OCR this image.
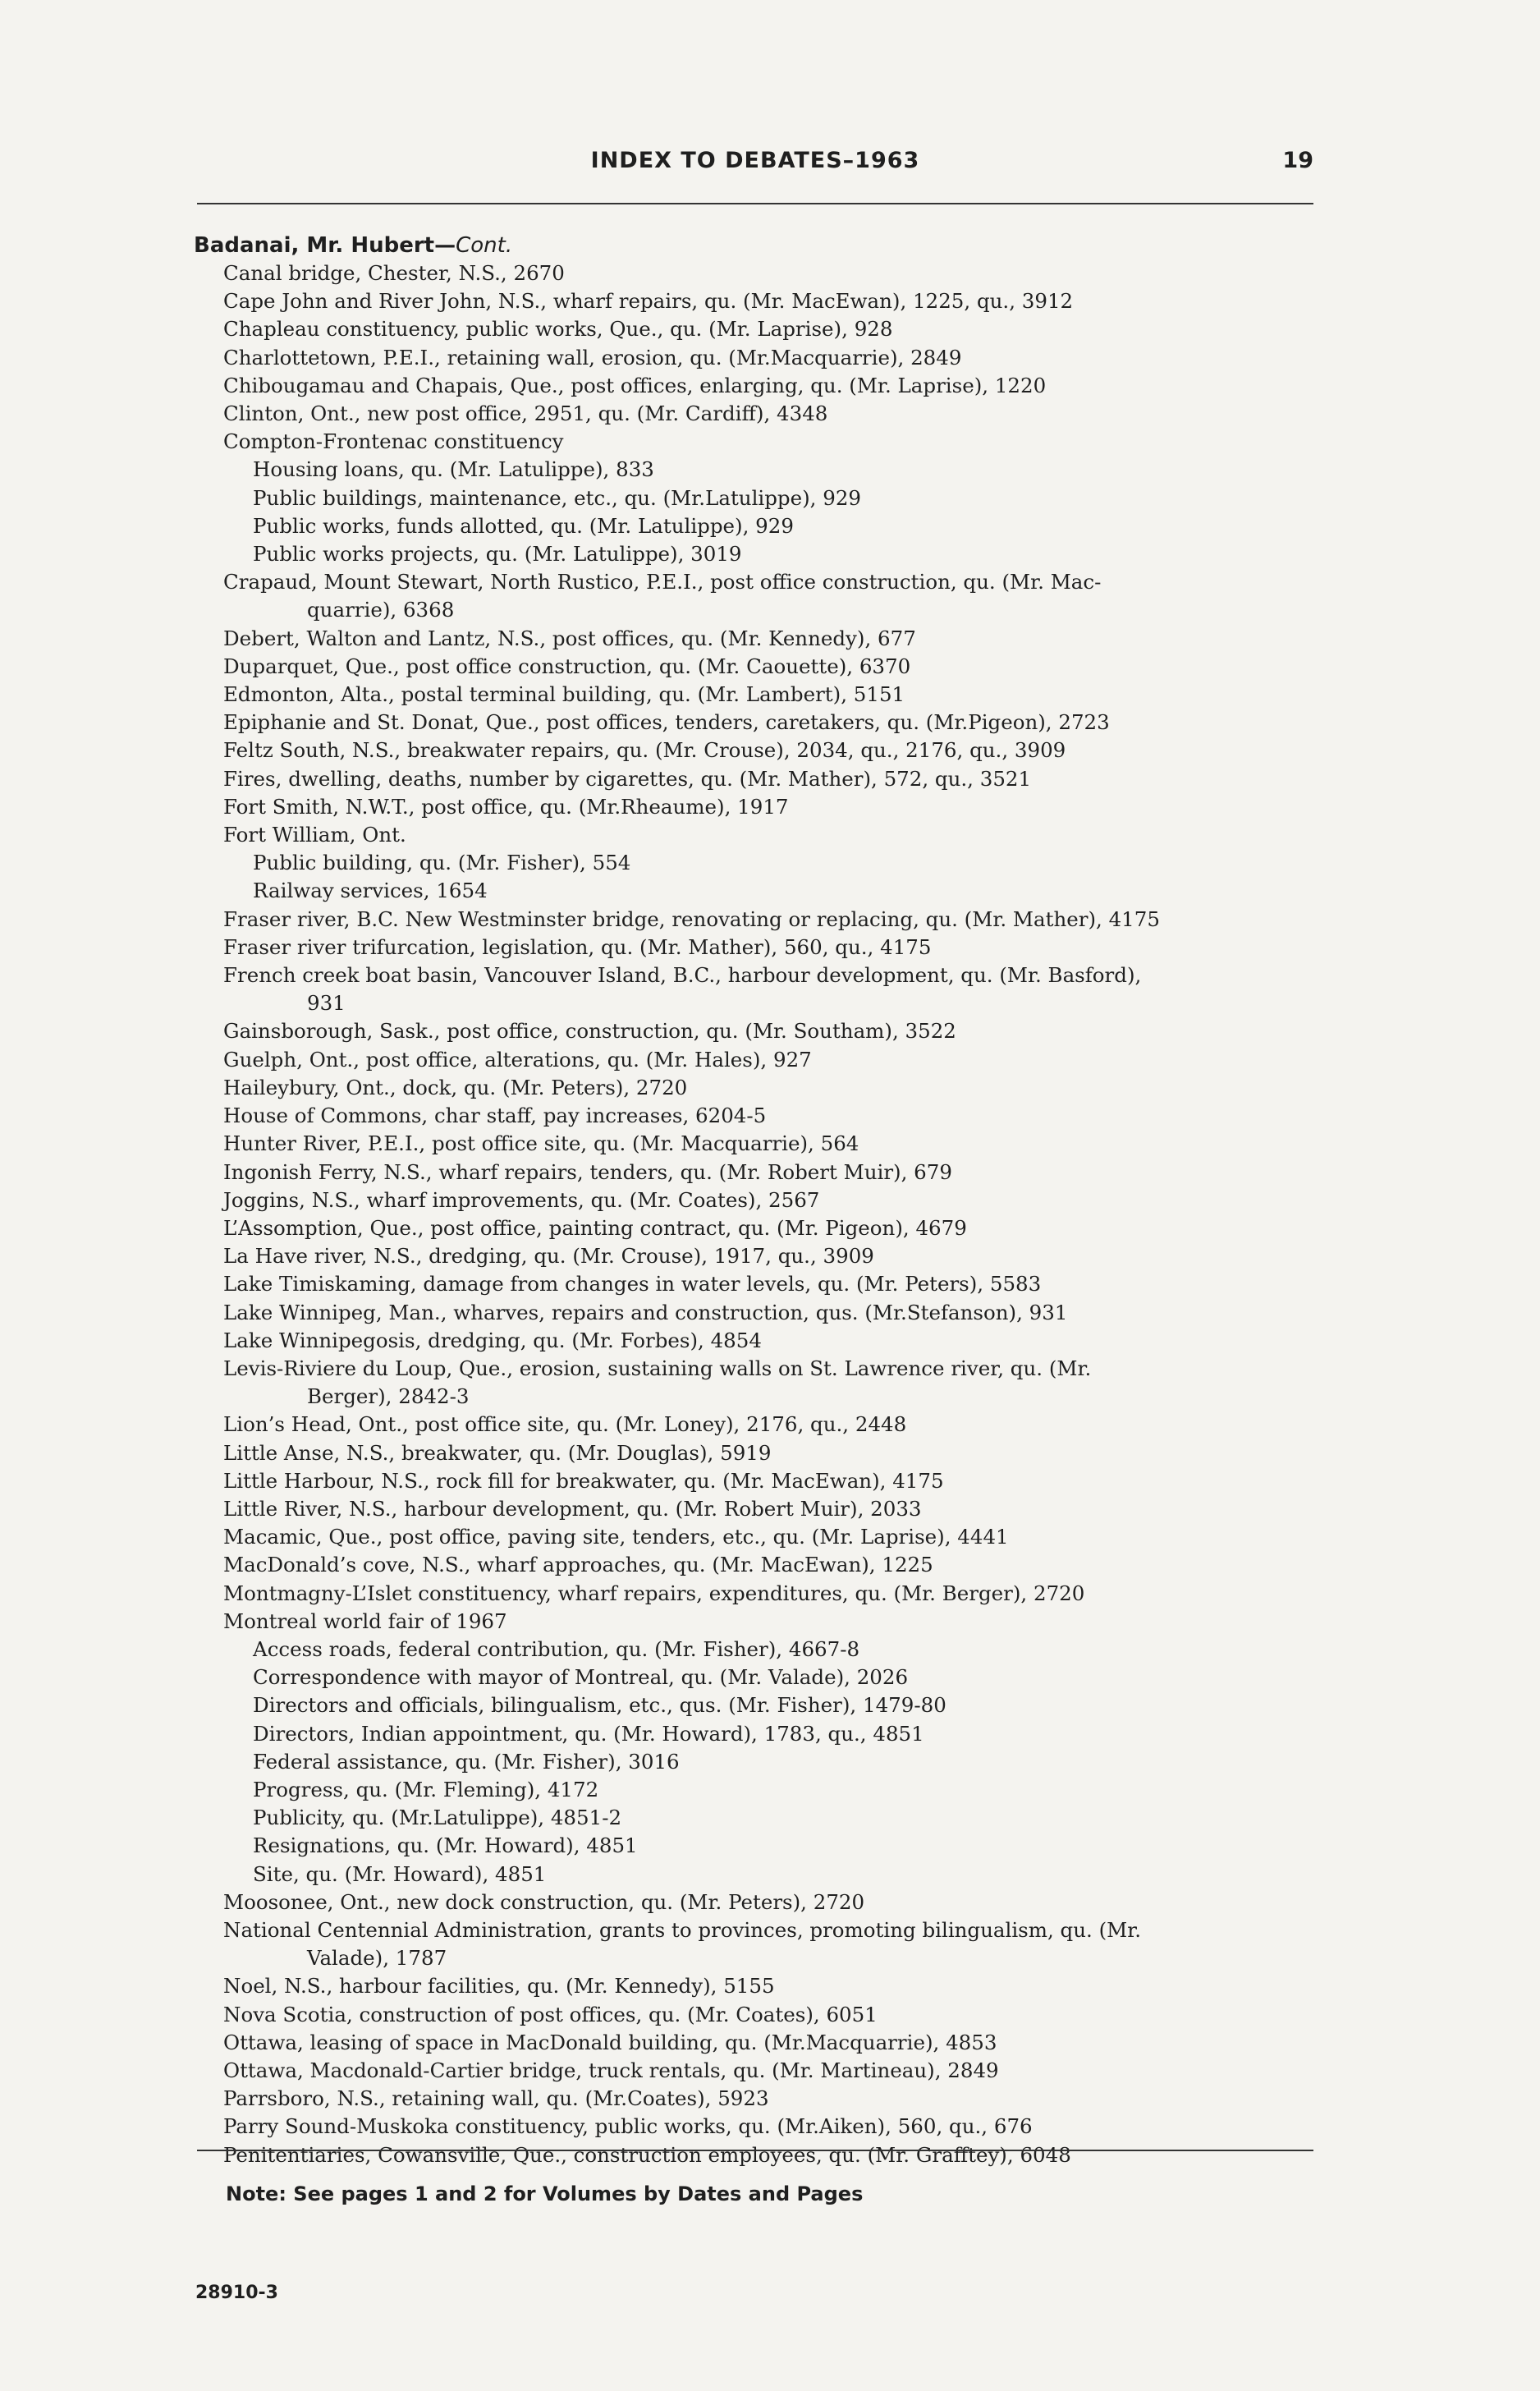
INDEX TO DEBATES–1963	19
Badanai, Mr. Hubert—Cont.
Canal bridge, Chester, N.S., 2670
Cape John and River John, N.S., wharf repairs, qu. (Mr. MacEwan), 1225, qu., 3912
Chapleau constituency, public works, Que., qu. (Mr. Laprise), 928
Charlottetown, P.E.I., retaining wall, erosion, qu. (Mr.Macquarrie), 2849
Chibougamau and Chapais, Que., post offices, enlarging, qu. (Mr. Laprise), 1220
Clinton, Ont., new post office, 2951, qu. (Mr. Cardiff), 4348
Compton-Frontenac constituency
Housing loans, qu. (Mr. Latulippe), 833
Public buildings, maintenance, etc., qu. (Mr.Latulippe), 929
Public works, funds allotted, qu. (Mr. Latulippe), 929
Public works projects, qu. (Mr. Latulippe), 3019
Crapaud, Mount Stewart, North Rustico, P.E.I., post office construction, qu. (Mr. Mac-
quarrie), 6368
Debert, Walton and Lantz, N.S., post offices, qu. (Mr. Kennedy), 677
Duparquet, Que., post office construction, qu. (Mr. Caouette), 6370
Edmonton, Alta., postal terminal building, qu. (Mr. Lambert), 5151
Epiphanie and St. Donat, Que., post offices, tenders, caretakers, qu. (Mr.Pigeon), 2723
Feltz South, N.S., breakwater repairs, qu. (Mr. Crouse), 2034, qu., 2176, qu., 3909
Fires, dwelling, deaths, number by cigarettes, qu. (Mr. Mather), 572, qu., 3521
Fort Smith, N.W.T., post office, qu. (Mr.Rheaume), 1917
Fort William, Ont.
Public building, qu. (Mr. Fisher), 554
Railway services, 1654
Fraser river, B.C. New Westminster bridge, renovating or replacing, qu. (Mr. Mather), 4175
Fraser river trifurcation, legislation, qu. (Mr. Mather), 560, qu., 4175
French creek boat basin, Vancouver Island, B.C., harbour development, qu. (Mr. Basford),
931
Gainsborough, Sask., post office, construction, qu. (Mr. Southam), 3522
Guelph, Ont., post office, alterations, qu. (Mr. Hales), 927
Haileybury, Ont., dock, qu. (Mr. Peters), 2720
House of Commons, char staff, pay increases, 6204-5
Hunter River, P.E.I., post office site, qu. (Mr. Macquarrie), 564
Ingonish Ferry, N.S., wharf repairs, tenders, qu. (Mr. Robert Muir), 679
Joggins, N.S., wharf improvements, qu. (Mr. Coates), 2567
L’Assomption, Que., post office, painting contract, qu. (Mr. Pigeon), 4679
La Have river, N.S., dredging, qu. (Mr. Crouse), 1917, qu., 3909
Lake Timiskaming, damage from changes in water levels, qu. (Mr. Peters), 5583
Lake Winnipeg, Man., wharves, repairs and construction, qus. (Mr.Stefanson), 931
Lake Winnipegosis, dredging, qu. (Mr. Forbes), 4854
Levis-Riviere du Loup, Que., erosion, sustaining walls on St. Lawrence river, qu. (Mr.
Berger), 2842-3
Lion’s Head, Ont., post office site, qu. (Mr. Loney), 2176, qu., 2448
Little Anse, N.S., breakwater, qu. (Mr. Douglas), 5919
Little Harbour, N.S., rock fill for breakwater, qu. (Mr. MacEwan), 4175
Little River, N.S., harbour development, qu. (Mr. Robert Muir), 2033
Macamic, Que., post office, paving site, tenders, etc., qu. (Mr. Laprise), 4441
MacDonald’s cove, N.S., wharf approaches, qu. (Mr. MacEwan), 1225
Montmagny-L’Islet constituency, wharf repairs, expenditures, qu. (Mr. Berger), 2720
Montreal world fair of 1967
Access roads, federal contribution, qu. (Mr. Fisher), 4667-8
Correspondence with mayor of Montreal, qu. (Mr. Valade), 2026
Directors and officials, bilingualism, etc., qus. (Mr. Fisher), 1479-80
Directors, Indian appointment, qu. (Mr. Howard), 1783, qu., 4851
Federal assistance, qu. (Mr. Fisher), 3016
Progress, qu. (Mr. Fleming), 4172
Publicity, qu. (Mr.Latulippe), 4851-2
Resignations, qu. (Mr. Howard), 4851
Site, qu. (Mr. Howard), 4851
Moosonee, Ont., new dock construction, qu. (Mr. Peters), 2720
National Centennial Administration, grants to provinces, promoting bilingualism, qu. (Mr.
Valade), 1787
Noel, N.S., harbour facilities, qu. (Mr. Kennedy), 5155
Nova Scotia, construction of post offices, qu. (Mr. Coates), 6051
Ottawa, leasing of space in MacDonald building, qu. (Mr.Macquarrie), 4853
Ottawa, Macdonald-Cartier bridge, truck rentals, qu. (Mr. Martineau), 2849
Parrsboro, N.S., retaining wall, qu. (Mr.Coates), 5923
Parry Sound-Muskoka constituency, public works, qu. (Mr.Aiken), 560, qu., 676
Penitentiaries, Cowansville, Que., construction employees, qu. (Mr. Grafftey), 6048
Note: See pages 1 and 2 for Volumes by Dates and Pages
28910-3
